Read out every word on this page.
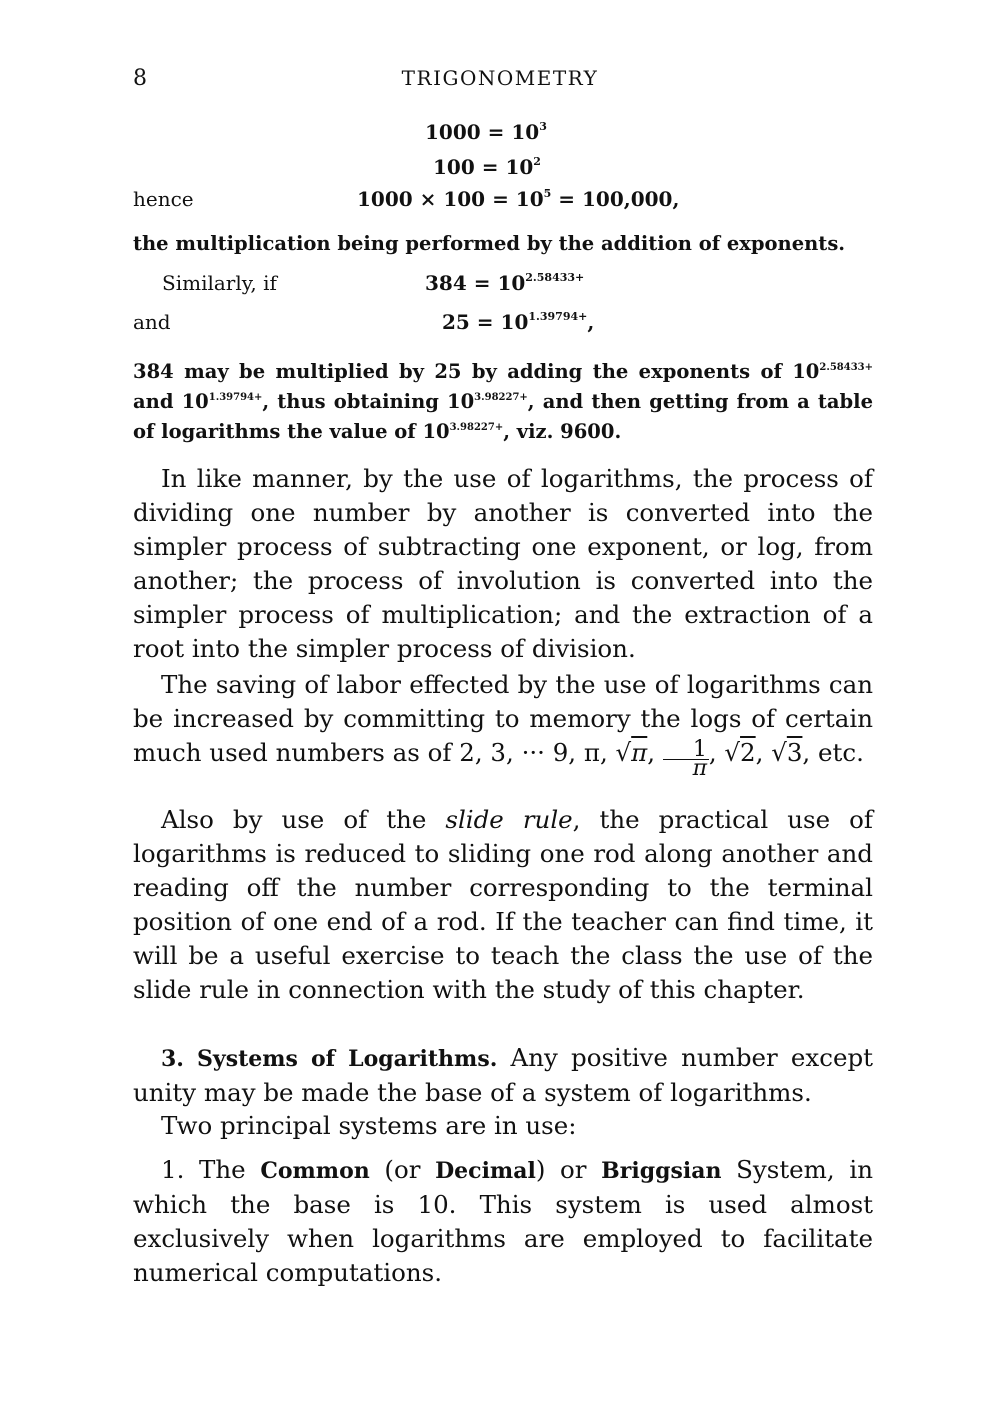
8	TRIGONOMETRY
$1000 = 10^3$
$100 = 10^2$
hence	$1000 \times 100 = 10^5 = 100,000$,
the multiplication being performed by the addition of exponents.
Similarly, if	$384 = 10^{2.58433+}$
and	$25 = 10^{1.39794+}$,
384 may be multiplied by 25 by adding the exponents of $10^{2.58433+}$ and $10^{1.39794+}$, thus obtaining $10^{3.98227+}$, and then getting from a table of logarithms the value of $10^{3.98227+}$, viz. 9600.
In like manner, by the use of logarithms, the process of dividing one number by another is converted into the simpler process of subtracting one exponent, or log, from another; the process of involution is converted into the simpler process of multiplication; and the extraction of a root into the simpler process of division.
The saving of labor effected by the use of logarithms can be increased by committing to memory the logs of certain much used numbers as of 2, 3, ··· 9, π, √π, $\frac{1}{\pi}$ , √2, √3, etc.
Also by use of the slide rule, the practical use of logarithms is reduced to sliding one rod along another and reading off the number corresponding to the terminal position of one end of a rod. If the teacher can find time, it will be a useful exercise to teach the class the use of the slide rule in connection with the study of this chapter.
3. Systems of Logarithms. Any positive number except unity may be made the base of a system of logarithms.
Two principal systems are in use:
1. The Common (or Decimal) or Briggsian System, in which the base is 10. This system is used almost exclusively when logarithms are employed to facilitate numerical computations.
